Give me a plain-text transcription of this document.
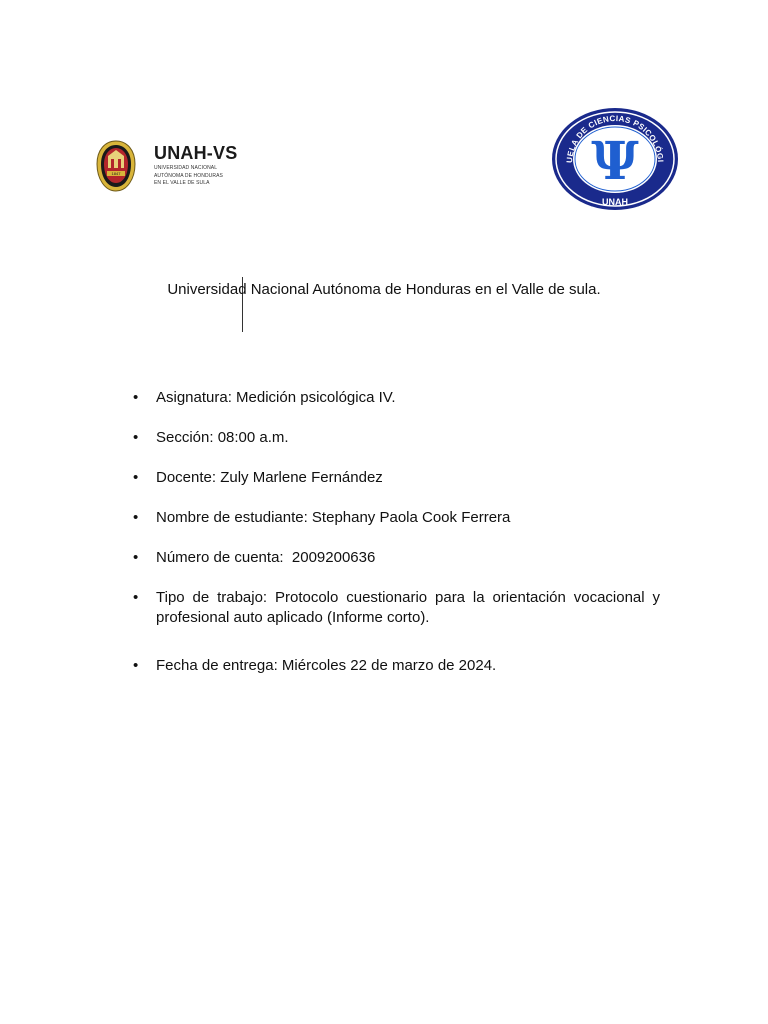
1847
UNAH-VS
UNIVERSIDAD NACIONAL
AUTÓNOMA DE HONDURAS
EN EL VALLE DE SULA
UELA DE CIENCIAS PSICOLÓGI
Ψ
UNAH
Universidad Nacional Autónoma de Honduras en el Valle de sula.
• Asignatura: Medición psicológica IV.
• Sección: 08:00 a.m.
• Docente: Zuly Marlene Fernández
• Nombre de estudiante: Stephany Paola Cook Ferrera
• Número de cuenta:  2009200636
• Tipo de trabajo: Protocolo cuestionario para la orientación vocacional y profesional auto aplicado (Informe corto).
• Fecha de entrega: Miércoles 22 de marzo de 2024.
